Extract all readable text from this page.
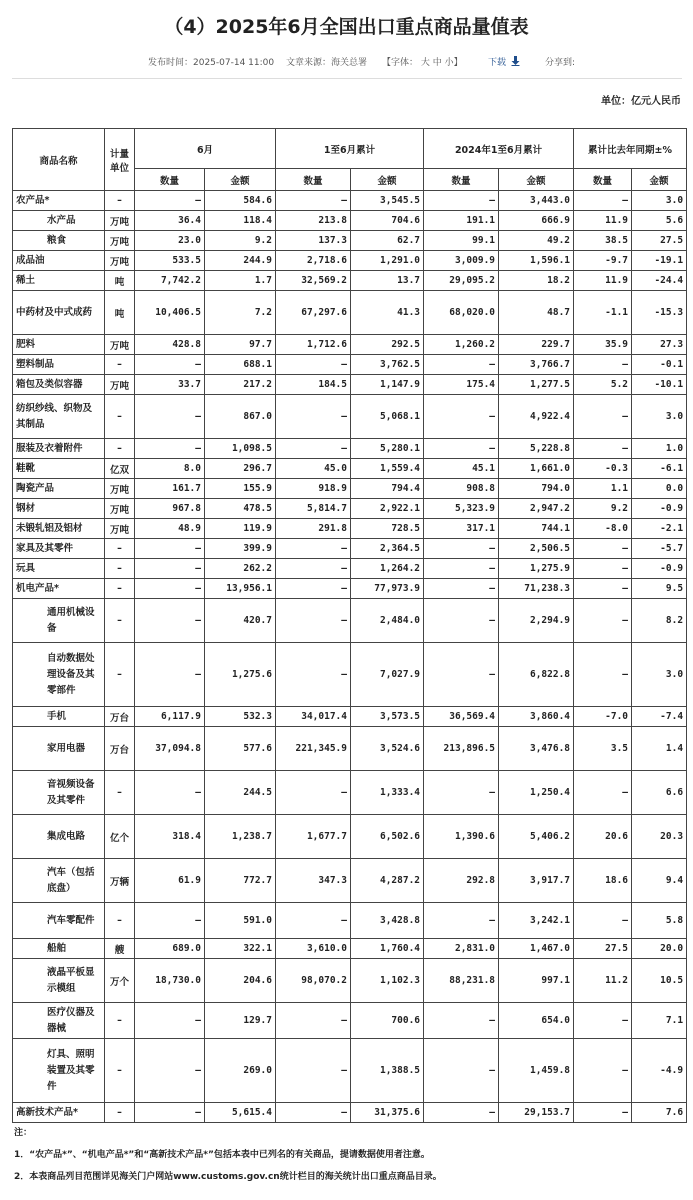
（4）2025年6月全国出口重点商品量值表
发布时间：2025-07-14 11:00 文章来源：海关总署 【字体： 大 中 小】	下载	分享到:
单位：亿元人民币
商品名称	计量单位	6月		1至6月累计		2024年1至6月累计		累计比去年同期±%	
		数量	金额	数量	金额	数量	金额	数量	金额
农产品*	–	–	584.6	–	3,545.5	–	3,443.0	–	3.0
水产品	万吨	36.4	118.4	213.8	704.6	191.1	666.9	11.9	5.6
粮食	万吨	23.0	9.2	137.3	62.7	99.1	49.2	38.5	27.5
成品油	万吨	533.5	244.9	2,718.6	1,291.0	3,009.9	1,596.1	-9.7	-19.1
稀土	吨	7,742.2	1.7	32,569.2	13.7	29,095.2	18.2	11.9	-24.4
中药材及中式成药	吨	10,406.5	7.2	67,297.6	41.3	68,020.0	48.7	-1.1	-15.3
肥料	万吨	428.8	97.7	1,712.6	292.5	1,260.2	229.7	35.9	27.3
塑料制品	–	–	688.1	–	3,762.5	–	3,766.7	–	-0.1
箱包及类似容器	万吨	33.7	217.2	184.5	1,147.9	175.4	1,277.5	5.2	-10.1
纺织纱线、织物及其制品	–	–	867.0	–	5,068.1	–	4,922.4	–	3.0
服装及衣着附件	–	–	1,098.5	–	5,280.1	–	5,228.8	–	1.0
鞋靴	亿双	8.0	296.7	45.0	1,559.4	45.1	1,661.0	-0.3	-6.1
陶瓷产品	万吨	161.7	155.9	918.9	794.4	908.8	794.0	1.1	0.0
钢材	万吨	967.8	478.5	5,814.7	2,922.1	5,323.9	2,947.2	9.2	-0.9
未锻轧铝及铝材	万吨	48.9	119.9	291.8	728.5	317.1	744.1	-8.0	-2.1
家具及其零件	–	–	399.9	–	2,364.5	–	2,506.5	–	-5.7
玩具	–	–	262.2	–	1,264.2	–	1,275.9	–	-0.9
机电产品*	–	–	13,956.1	–	77,973.9	–	71,238.3	–	9.5
通用机械设备	–	–	420.7	–	2,484.0	–	2,294.9	–	8.2
自动数据处理设备及其零部件	–	–	1,275.6	–	7,027.9	–	6,822.8	–	3.0
手机	万台	6,117.9	532.3	34,017.4	3,573.5	36,569.4	3,860.4	-7.0	-7.4
家用电器	万台	37,094.8	577.6	221,345.9	3,524.6	213,896.5	3,476.8	3.5	1.4
音视频设备及其零件	–	–	244.5	–	1,333.4	–	1,250.4	–	6.6
集成电路	亿个	318.4	1,238.7	1,677.7	6,502.6	1,390.6	5,406.2	20.6	20.3
汽车（包括底盘）	万辆	61.9	772.7	347.3	4,287.2	292.8	3,917.7	18.6	9.4
汽车零配件	–	–	591.0	–	3,428.8	–	3,242.1	–	5.8
船舶	艘	689.0	322.1	3,610.0	1,760.4	2,831.0	1,467.0	27.5	20.0
液晶平板显示模组	万个	18,730.0	204.6	98,070.2	1,102.3	88,231.8	997.1	11.2	10.5
医疗仪器及器械	–	–	129.7	–	700.6	–	654.0	–	7.1
灯具、照明装置及其零件	–	–	269.0	–	1,388.5	–	1,459.8	–	-4.9
高新技术产品*	–	–	5,615.4	–	31,375.6	–	29,153.7	–	7.6
注：
1．“农产品*”、“机电产品*”和“高新技术产品*”包括本表中已列名的有关商品，提请数据使用者注意。
2．本表商品列目范围详见海关门户网站www.customs.gov.cn统计栏目的海关统计出口重点商品目录。
